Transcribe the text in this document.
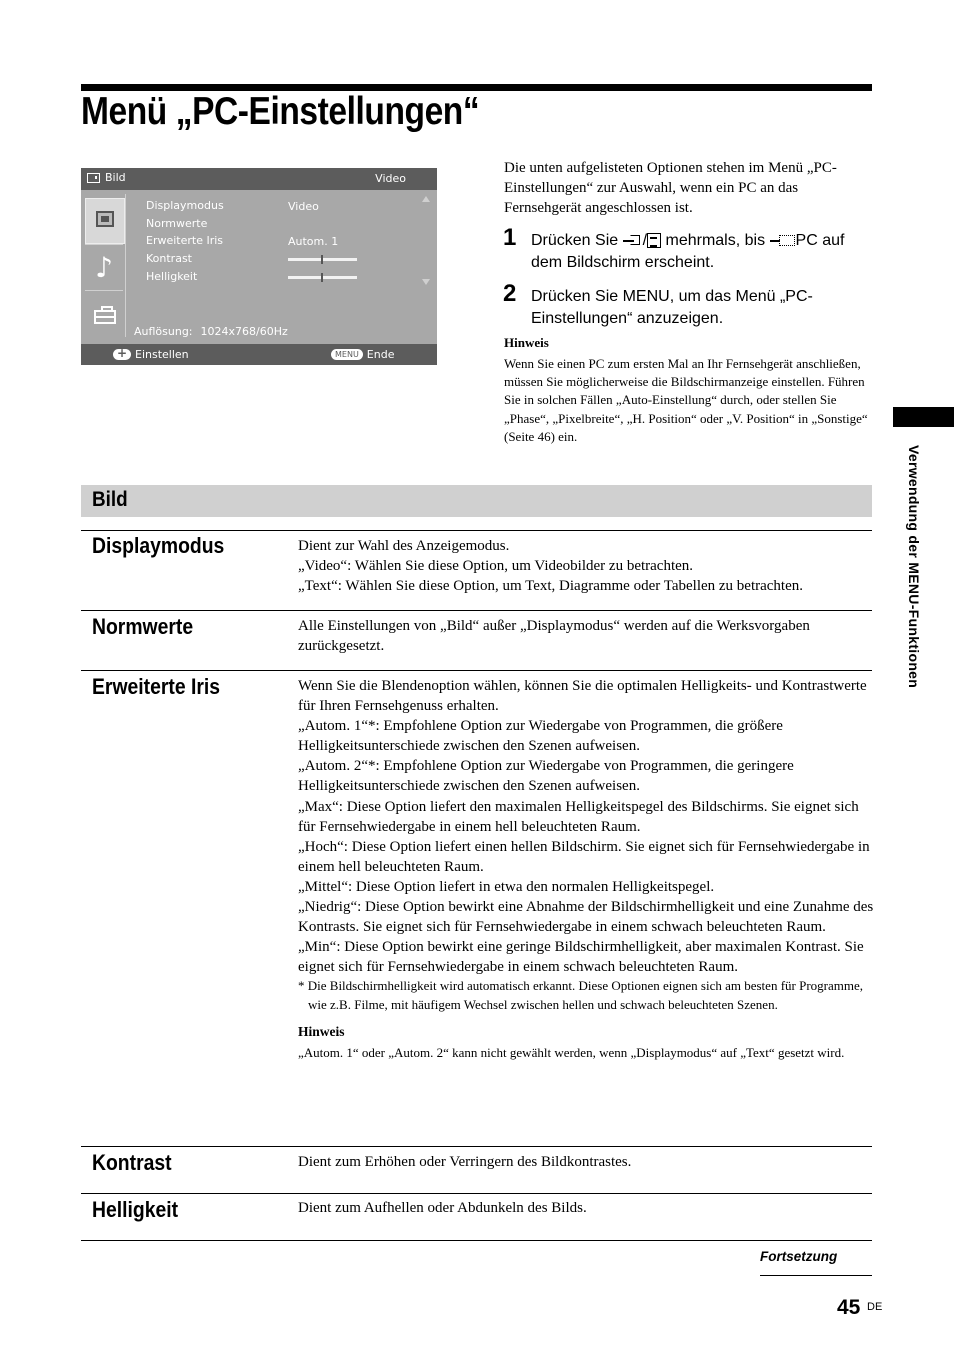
Menü „PC-Einstellungen“
Bild	Video
♪
Displaymodus	Video
Normwerte
Erweiterte Iris	Autom. 1
Kontrast
Helligkeit
Auflösung: 1024x768/60Hz
+
Einstellen	MENU Ende

Die unten aufgelisteten Optionen stehen im Menü „PC-Einstellungen“ zur Auswahl, wenn ein PC an das Fernsehgerät angeschlossen ist.

1 Drücken Sie / mehrmals, bis PC auf dem Bildschirm erscheint.

2 Drücken Sie MENU, um das Menü „PC-Einstellungen“ anzuzeigen.

Hinweis

Wenn Sie einen PC zum ersten Mal an Ihr Fernsehgerät anschließen, müssen Sie möglicherweise die Bildschirmanzeige einstellen. Führen Sie in solchen Fällen „Auto-Einstellung“ durch, oder stellen Sie „Phase“, „Pixelbreite“, „H. Position“ oder „V. Position“ in „Sonstige“ (Seite 46) ein.

Verwendung der MENU-Funktionen
Bild
Displaymodus	Dient zur Wahl des Anzeigemodus.

„Video“: Wählen Sie diese Option, um Videobilder zu betrachten.

„Text“: Wählen Sie diese Option, um Text, Diagramme oder Tabellen zu betrachten.

Normwerte	Alle Einstellungen von „Bild“ außer „Displaymodus“ werden auf die Werksvorgaben zurückgesetzt.

Erweiterte Iris	Wenn Sie die Blendenoption wählen, können Sie die optimalen Helligkeits- und Kontrastwerte für Ihren Fernsehgenuss erhalten.

„Autom. 1“*: Empfohlene Option zur Wiedergabe von Programmen, die größere Helligkeitsunterschiede zwischen den Szenen aufweisen.

„Autom. 2“*: Empfohlene Option zur Wiedergabe von Programmen, die geringere Helligkeitsunterschiede zwischen den Szenen aufweisen.

„Max“: Diese Option liefert den maximalen Helligkeitspegel des Bildschirms. Sie eignet sich für Fernsehwiedergabe in einem hell beleuchteten Raum.

„Hoch“: Diese Option liefert einen hellen Bildschirm. Sie eignet sich für Fernsehwiedergabe in einem hell beleuchteten Raum.

„Mittel“: Diese Option liefert in etwa den normalen Helligkeitspegel.

„Niedrig“: Diese Option bewirkt eine Abnahme der Bildschirmhelligkeit und eine Zunahme des Kontrasts. Sie eignet sich für Fernsehwiedergabe in einem schwach beleuchteten Raum.

„Min“: Diese Option bewirkt eine geringe Bildschirmhelligkeit, aber maximalen Kontrast. Sie eignet sich für Fernsehwiedergabe in einem schwach beleuchteten Raum.

* Die Bildschirmhelligkeit wird automatisch erkannt. Diese Optionen eignen sich am besten für Programme, wie z.B. Filme, mit häufigem Wechsel zwischen hellen und schwach beleuchteten Szenen.

Hinweis

„Autom. 1“ oder „Autom. 2“ kann nicht gewählt werden, wenn „Displaymodus“ auf „Text“ gesetzt wird.

Kontrast	Dient zum Erhöhen oder Verringern des Bildkontrastes.

Helligkeit	Dient zum Aufhellen oder Abdunkeln des Bilds.

Fortsetzung
45 DE
